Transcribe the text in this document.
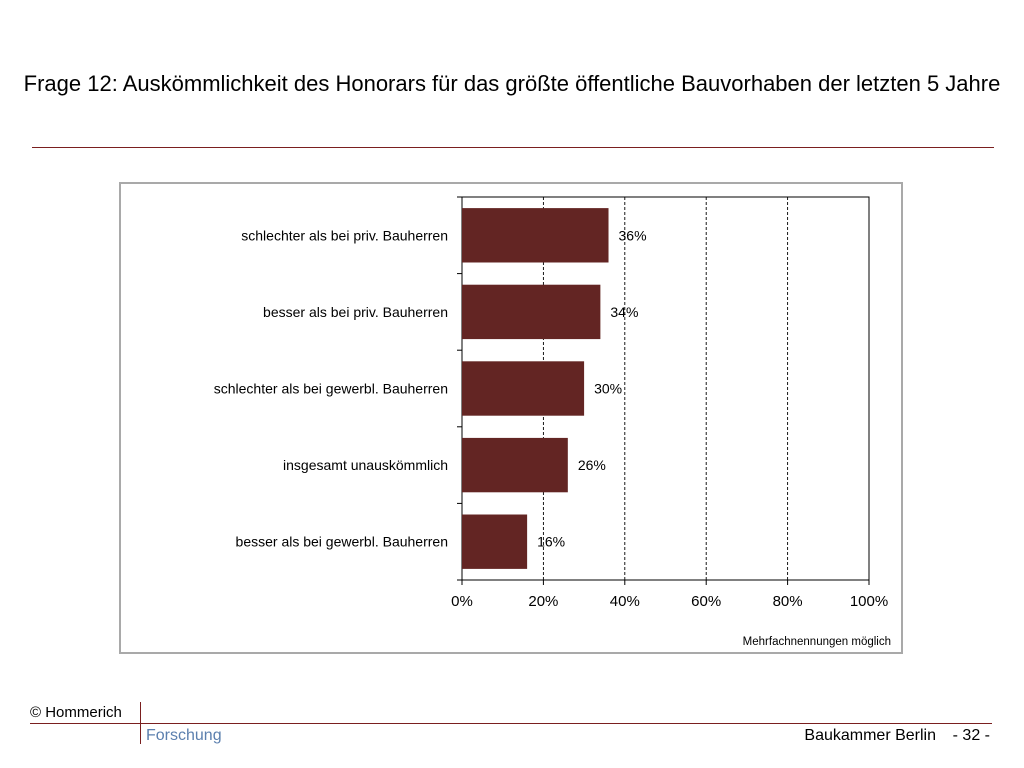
Frage 12: Auskömmlichkeit des Honorars für das größte öffentliche Bauvorhaben der letzten 5 Jahre
0%	20%	40%	60%	80%	100%
schlechter als bei priv. Bauherren	36%
besser als bei priv. Bauherren	34%
schlechter als bei gewerbl. Bauherren	30%
insgesamt unauskömmlich	26%
besser als bei gewerbl. Bauherren	16%
Mehrfachnennungen möglich
© Hommerich
Forschung	Baukammer Berlin - 32 -
